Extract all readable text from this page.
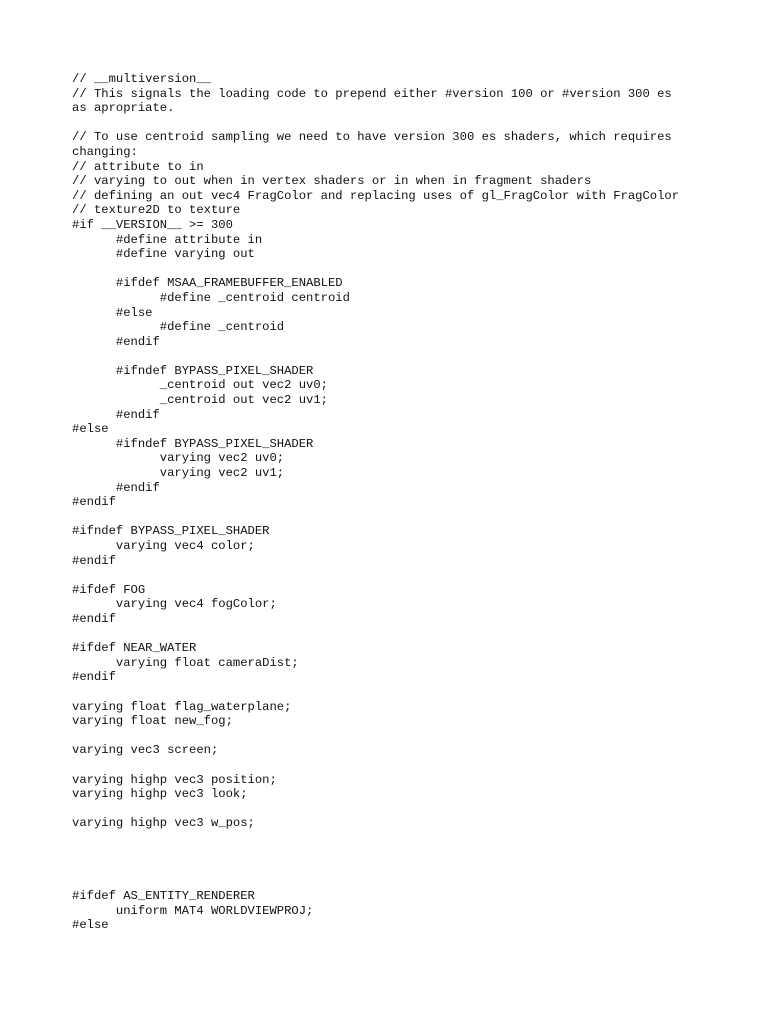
// __multiversion__
// This signals the loading code to prepend either #version 100 or #version 300 es
as apropriate.
// To use centroid sampling we need to have version 300 es shaders, which requires
changing:
// attribute to in
// varying to out when in vertex shaders or in when in fragment shaders
// defining an out vec4 FragColor and replacing uses of gl_FragColor with FragColor
// texture2D to texture
#if __VERSION__ >= 300
#define attribute in
#define varying out
#ifdef MSAA_FRAMEBUFFER_ENABLED
#define _centroid centroid
#else
#define _centroid
#endif
#ifndef BYPASS_PIXEL_SHADER
_centroid out vec2 uv0;
_centroid out vec2 uv1;
#endif
#else
#ifndef BYPASS_PIXEL_SHADER
varying vec2 uv0;
varying vec2 uv1;
#endif
#endif
#ifndef BYPASS_PIXEL_SHADER
varying vec4 color;
#endif
#ifdef FOG
varying vec4 fogColor;
#endif
#ifdef NEAR_WATER
varying float cameraDist;
#endif
varying float flag_waterplane;
varying float new_fog;
varying vec3 screen;
varying highp vec3 position;
varying highp vec3 look;
varying highp vec3 w_pos;
#ifdef AS_ENTITY_RENDERER
uniform MAT4 WORLDVIEWPROJ;
#else
